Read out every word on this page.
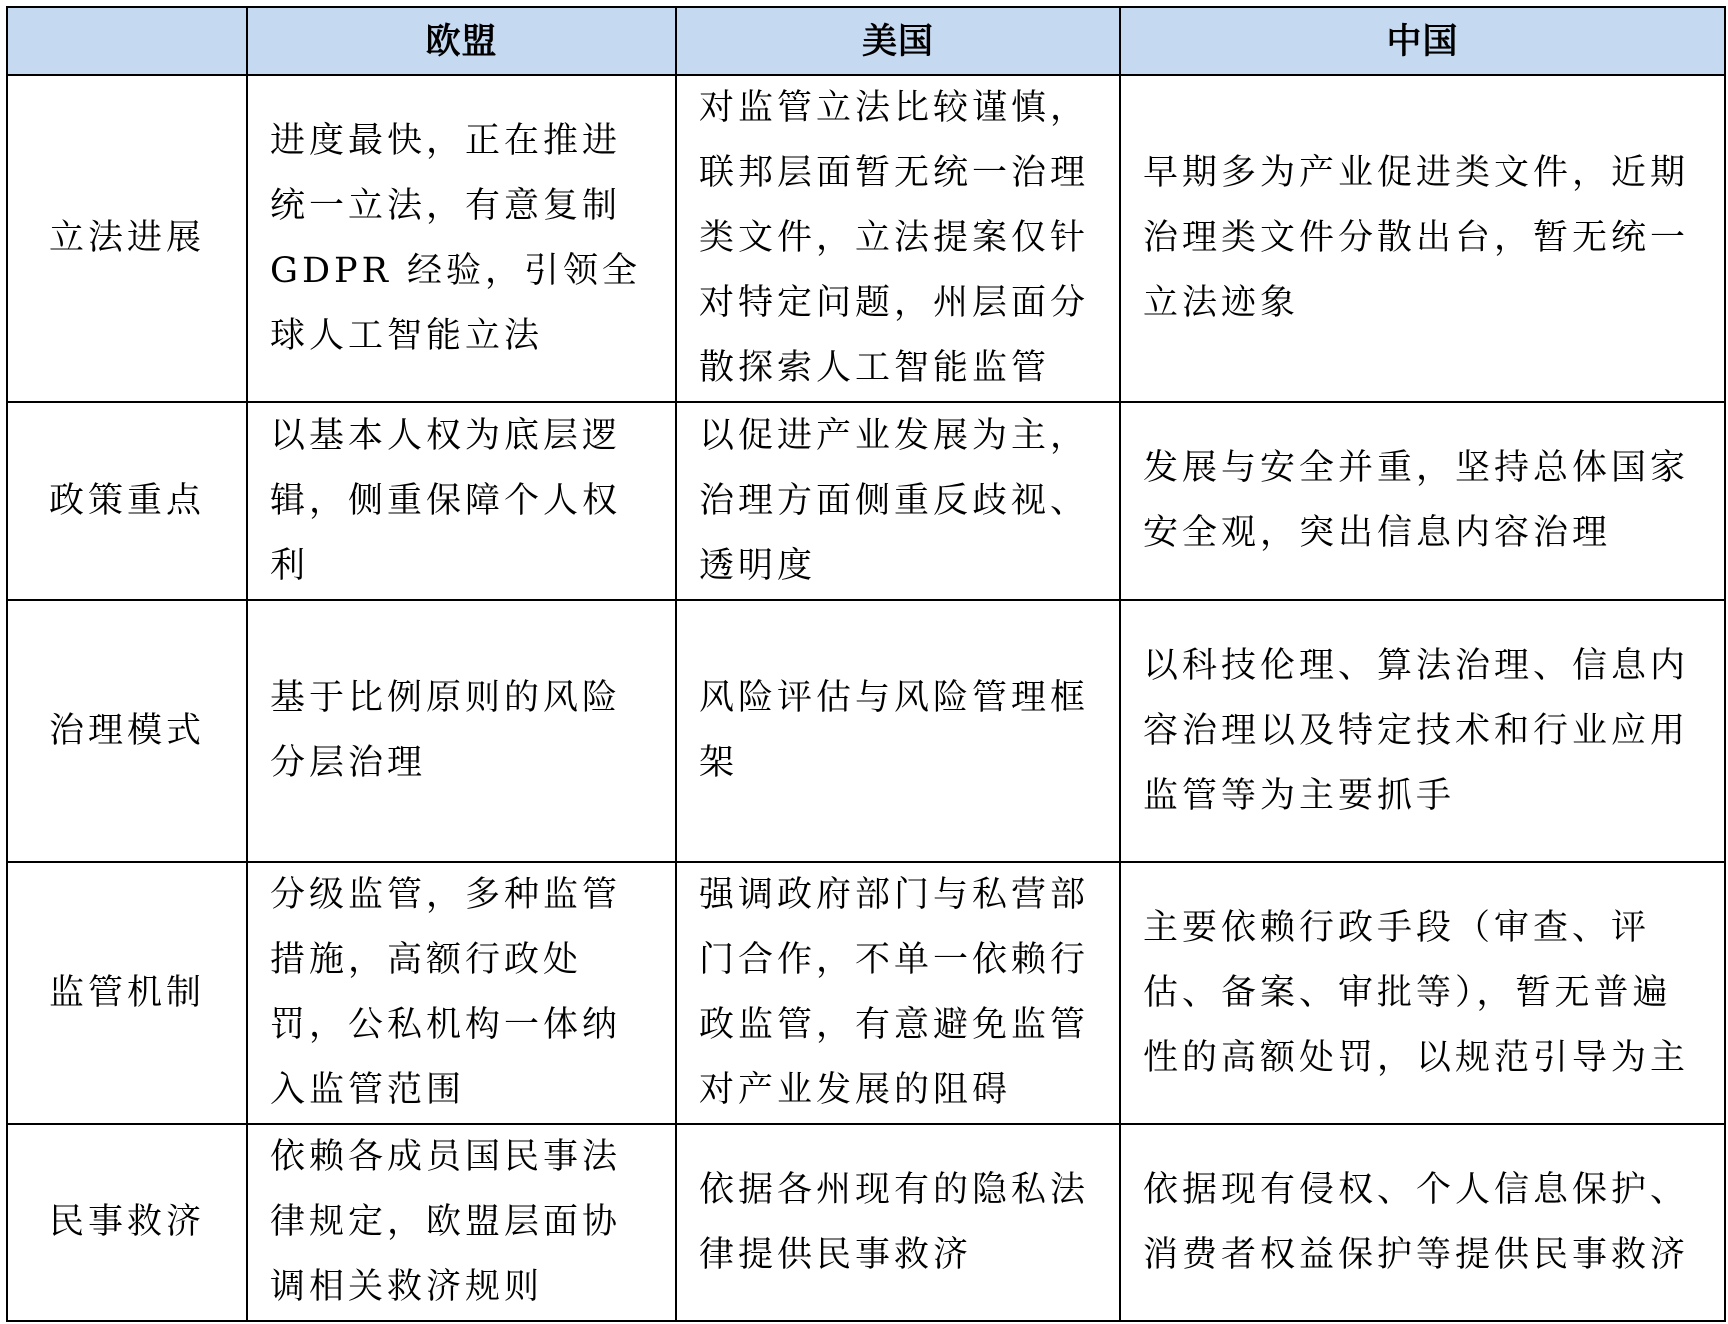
	欧盟	美国	中国
立法进展	进度最快，正在推进统一立法，有意复制 GDPR 经验，引领全球人工智能立法	对监管立法比较谨慎，联邦层面暂无统一治理类文件，立法提案仅针对特定问题，州层面分散探索人工智能监管	早期多为产业促进类文件，近期治理类文件分散出台，暂无统一立法迹象
政策重点	以基本人权为底层逻辑，侧重保障个人权利	以促进产业发展为主，治理方面侧重反歧视、透明度	发展与安全并重，坚持总体国家安全观，突出信息内容治理
治理模式	基于比例原则的风险分层治理	风险评估与风险管理框架	以科技伦理、算法治理、信息内容治理以及特定技术和行业应用监管等为主要抓手
监管机制	分级监管，多种监管措施，高额行政处罚，公私机构一体纳入监管范围	强调政府部门与私营部门合作，不单一依赖行政监管，有意避免监管对产业发展的阻碍	主要依赖行政手段（审查、评估、备案、审批等），暂无普遍性的高额处罚，以规范引导为主
民事救济	依赖各成员国民事法律规定，欧盟层面协调相关救济规则	依据各州现有的隐私法律提供民事救济	依据现有侵权、个人信息保护、消费者权益保护等提供民事救济
